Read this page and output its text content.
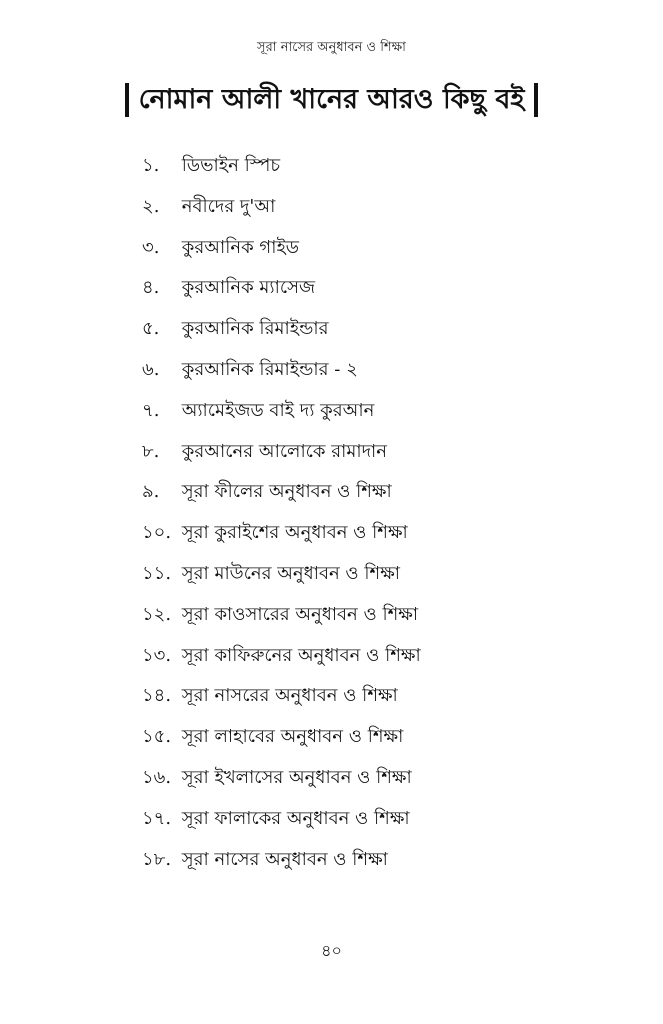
সূরা নাসের অনুধাবন ও শিক্ষা
নোমান আলী খানের আরও কিছু বই
১. ডিভাইন স্পিচ
২. নবীদের দু'আ
৩. কুরআনিক গাইড
৪. কুরআনিক ম্যাসেজ
৫. কুরআনিক রিমাইন্ডার
৬. কুরআনিক রিমাইন্ডার - ২
৭. অ্যামেইজড বাই দ্য কুরআন
৮. কুরআনের আলোকে রামাদান
৯. সূরা ফীলের অনুধাবন ও শিক্ষা
১০. সূরা কুরাইশের অনুধাবন ও শিক্ষা
১১. সূরা মাউনের অনুধাবন ও শিক্ষা
১২. সূরা কাওসারের অনুধাবন ও শিক্ষা
১৩. সূরা কাফিরুনের অনুধাবন ও শিক্ষা
১৪. সূরা নাসরের অনুধাবন ও শিক্ষা
১৫. সূরা লাহাবের অনুধাবন ও শিক্ষা
১৬. সূরা ইখলাসের অনুধাবন ও শিক্ষা
১৭. সূরা ফালাকের অনুধাবন ও শিক্ষা
১৮. সূরা নাসের অনুধাবন ও শিক্ষা
৪০
